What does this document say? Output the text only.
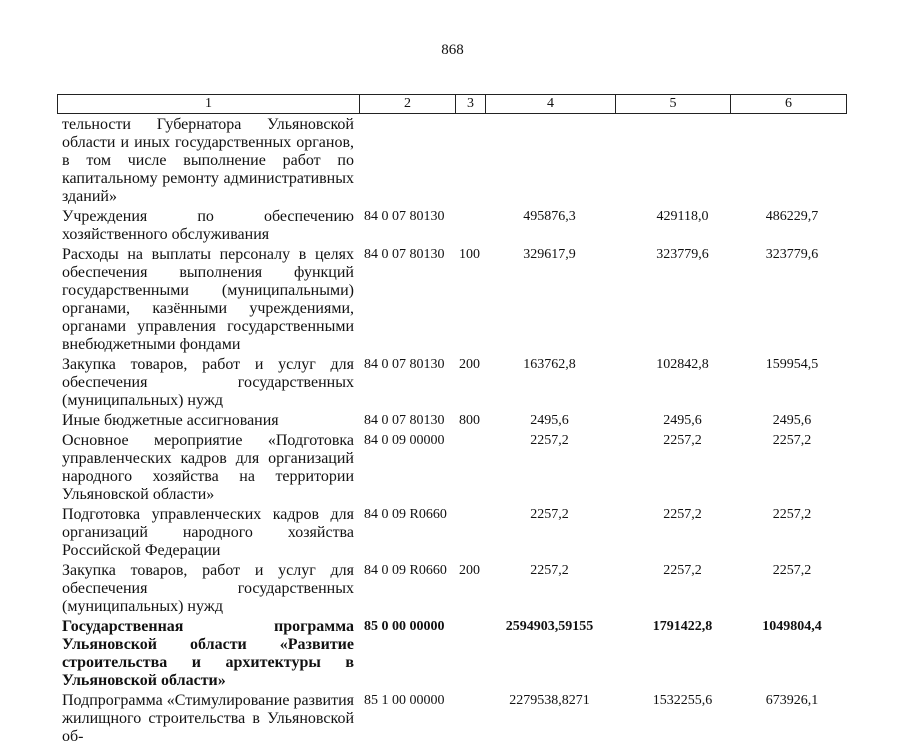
868
1	2	3	4	5	6
тельности Губернатора Ульяновской области и иных государственных органов, в том числе выполнение работ по капитальному ремонту административных зданий»
Учреждения по обеспечению хозяйственного обслуживания
84 0 07 80130	495876,3	429118,0	486229,7
Расходы на выплаты персоналу в целях обеспечения выполнения функций государственными (муниципальными) органами, казёнными учреждениями, органами управления государственными внебюджетными фондами
84 0 07 80130 100	329617,9	323779,6	323779,6
Закупка товаров, работ и услуг для обеспечения государственных (муниципальных) нужд
84 0 07 80130 200	163762,8	102842,8	159954,5
Иные бюджетные ассигнования	84 0 07 80130 800	2495,6	2495,6	2495,6
Основное мероприятие «Подготовка управленческих кадров для организаций народного хозяйства на территории Ульяновской области»
84 0 09 00000	2257,2	2257,2	2257,2
Подготовка управленческих кадров для организаций народного хозяйства Российской Федерации
84 0 09 R0660	2257,2	2257,2	2257,2
Закупка товаров, работ и услуг для обеспечения государственных (муниципальных) нужд
84 0 09 R0660 200	2257,2	2257,2	2257,2
Государственная программа Ульяновской области «Развитие строительства и архитектуры в Ульяновской области»
85 0 00 00000	2594903,59155	1791422,8	1049804,4
Подпрограмма «Стимулирование развития жилищного строительства в Ульяновской об-
85 1 00 00000	2279538,8271	1532255,6	673926,1
